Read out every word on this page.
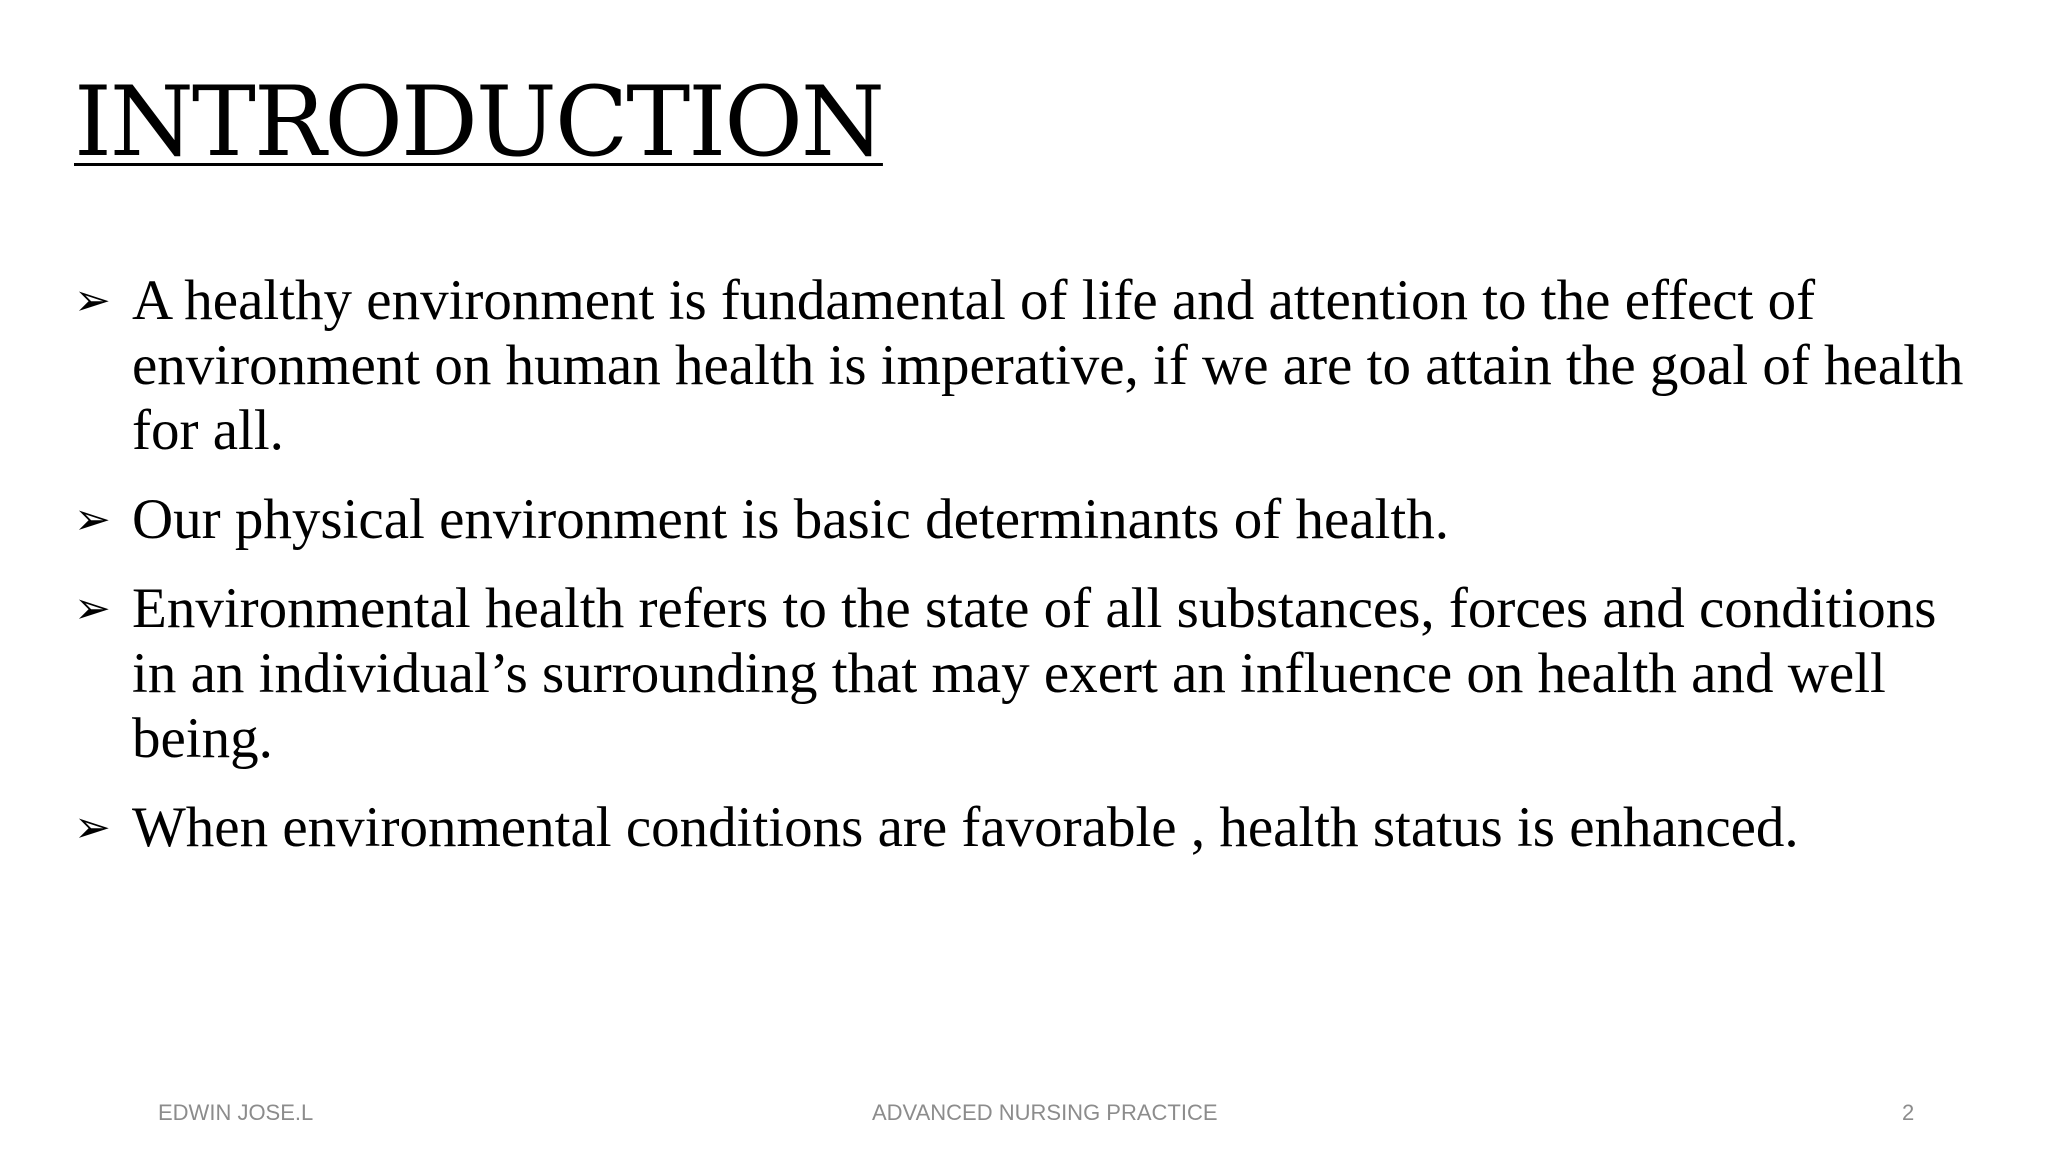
INTRODUCTION
➢ A healthy environment is fundamental of life and attention to the effect of environment on human health is imperative, if we are to attain the goal of health for all.
➢ Our physical environment is basic determinants of health.
➢ Environmental health refers to the state of all substances, forces and conditions in an individual’s surrounding that may exert an influence on health and well being.
➢ When environmental conditions are favorable , health status is enhanced.
EDWIN JOSE.L	ADVANCED NURSING PRACTICE	2
